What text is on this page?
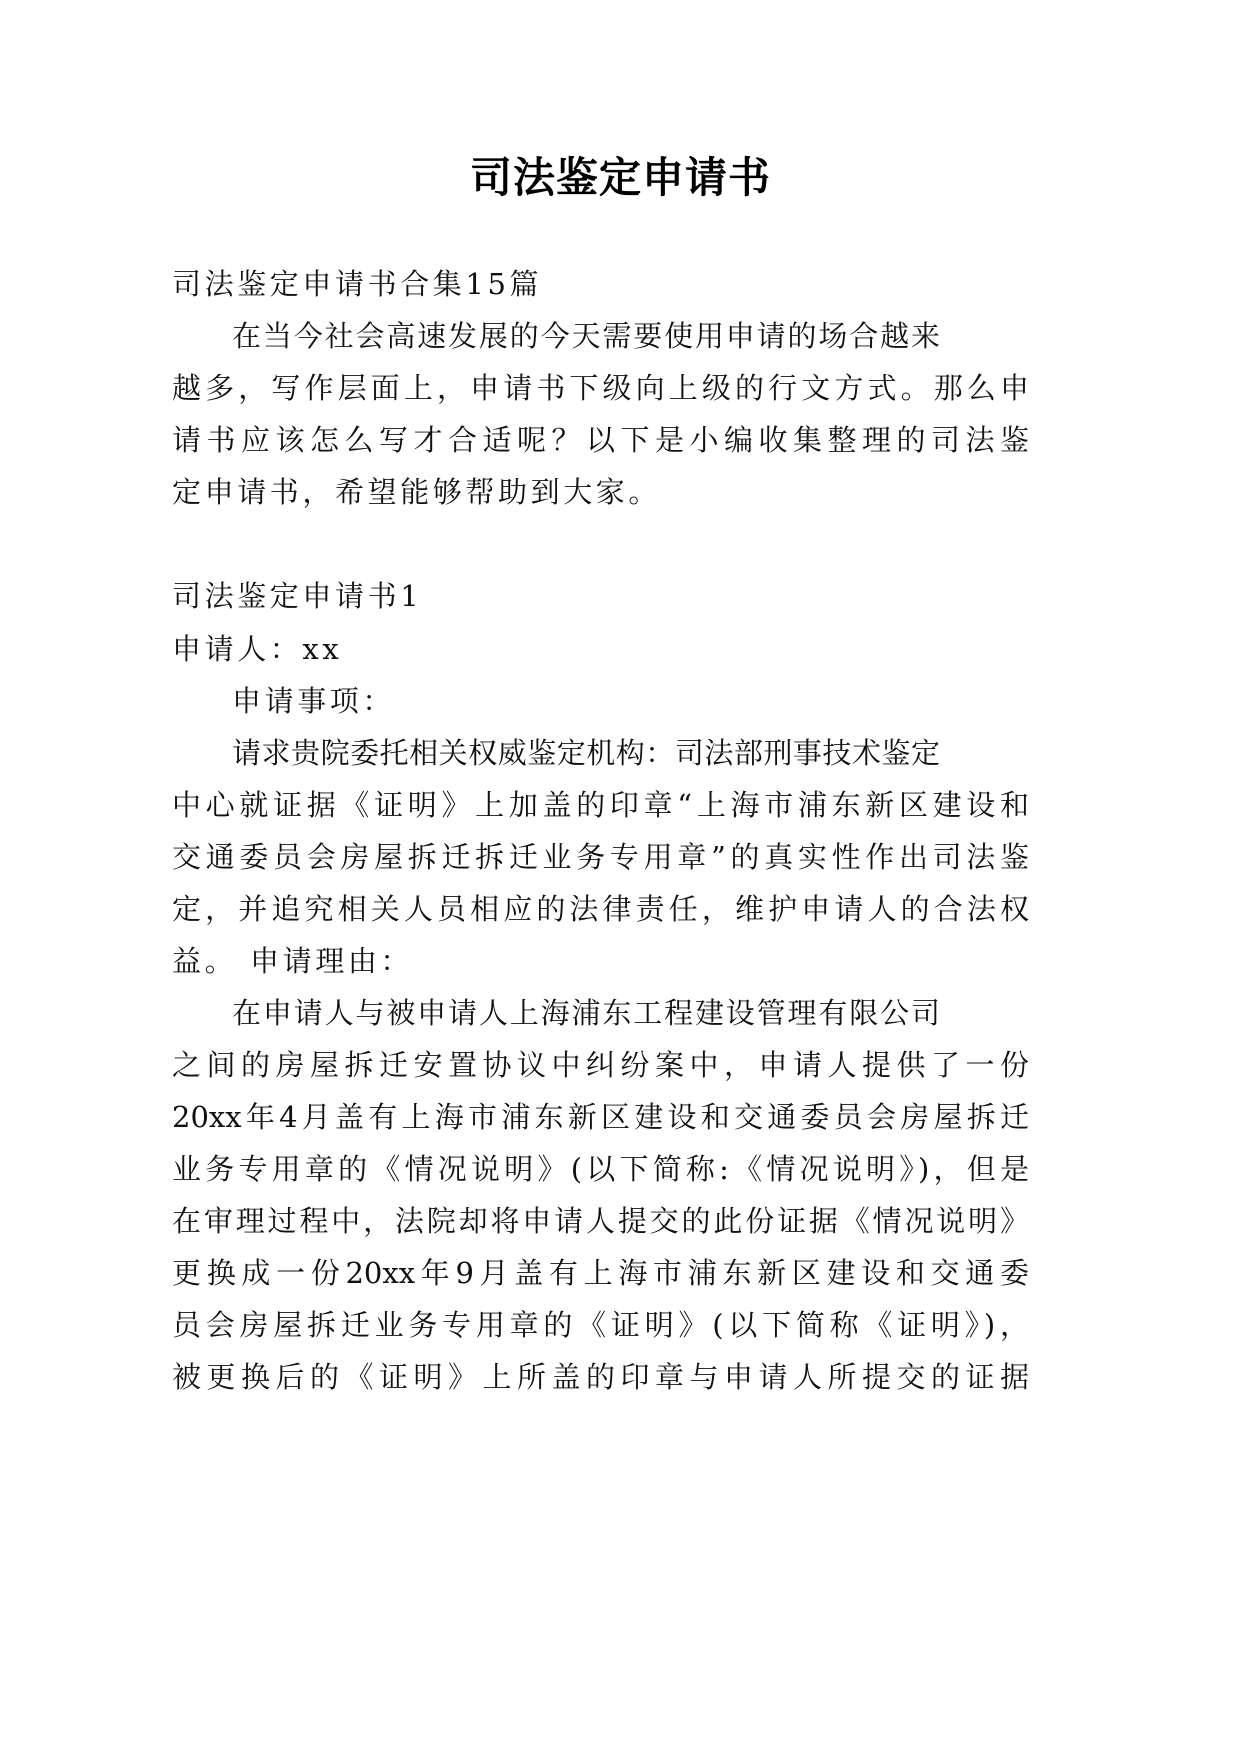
司法鉴定申请书
司法鉴定申请书合集15篇
在当今社会高速发展的今天需要使用申请的场合越来
越多，写作层面上，申请书下级向上级的行文方式。那么申
请书应该怎么写才合适呢？以下是小编收集整理的司法鉴
定申请书，希望能够帮助到大家。
司法鉴定申请书1
申请人：xx
申请事项：
请求贵院委托相关权威鉴定机构：司法部刑事技术鉴定
中心就证据《证明》上加盖的印章“上海市浦东新区建设和
交通委员会房屋拆迁拆迁业务专用章”的真实性作出司法鉴
定，并追究相关人员相应的法律责任，维护申请人的合法权
益。 申请理由：
在申请人与被申请人上海浦东工程建设管理有限公司
之间的房屋拆迁安置协议中纠纷案中，申请人提供了一份
20xx年4月盖有上海市浦东新区建设和交通委员会房屋拆迁
业务专用章的《情况说明》(以下简称:《情况说明》)，但是
在审理过程中，法院却将申请人提交的此份证据《情况说明》
更换成一份20xx年9月盖有上海市浦东新区建设和交通委
员会房屋拆迁业务专用章的《证明》(以下简称《证明》)，
被更换后的《证明》上所盖的印章与申请人所提交的证据
